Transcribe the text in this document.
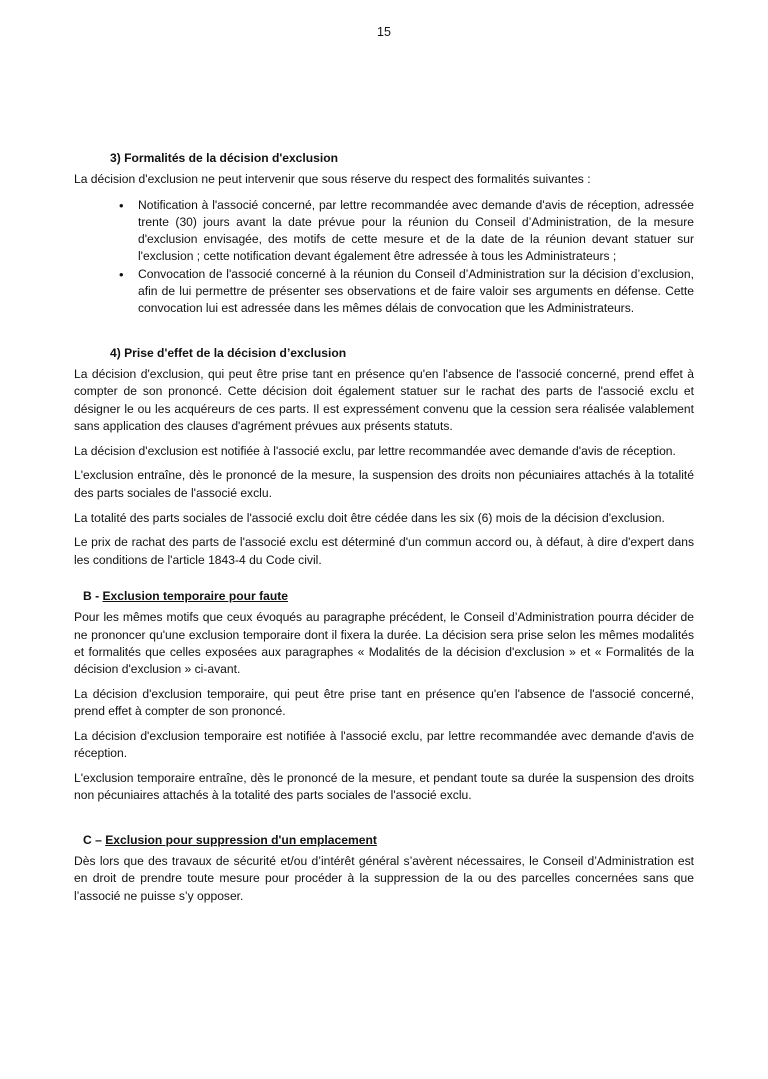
15
3) Formalités de la décision d'exclusion

La décision d'exclusion ne peut intervenir que sous réserve du respect des formalités suivantes :

• Notification à l'associé concerné, par lettre recommandée avec demande d'avis de réception, adressée trente (30) jours avant la date prévue pour la réunion du Conseil d’Administration, de la mesure d'exclusion envisagée, des motifs de cette mesure et de la date de la réunion devant statuer sur l'exclusion ; cette notification devant également être adressée à tous les Administrateurs ;
• Convocation de l'associé concerné à la réunion du Conseil d’Administration sur la décision d’exclusion, afin de lui permettre de présenter ses observations et de faire valoir ses arguments en défense. Cette convocation lui est adressée dans les mêmes délais de convocation que les Administrateurs.
4) Prise d'effet de la décision d’exclusion

La décision d'exclusion, qui peut être prise tant en présence qu'en l'absence de l'associé concerné, prend effet à compter de son prononcé. Cette décision doit également statuer sur le rachat des parts de l'associé exclu et désigner le ou les acquéreurs de ces parts. Il est expressément convenu que la cession sera réalisée valablement sans application des clauses d'agrément prévues aux présents statuts.

La décision d'exclusion est notifiée à l'associé exclu, par lettre recommandée avec demande d'avis de réception.

L'exclusion entraîne, dès le prononcé de la mesure, la suspension des droits non pécuniaires attachés à la totalité des parts sociales de l'associé exclu.

La totalité des parts sociales de l'associé exclu doit être cédée dans les six (6) mois de la décision d'exclusion.

Le prix de rachat des parts de l'associé exclu est déterminé d'un commun accord ou, à défaut, à dire d'expert dans les conditions de l'article 1843-4 du Code civil.

B - Exclusion temporaire pour faute

Pour les mêmes motifs que ceux évoqués au paragraphe précédent, le Conseil d’Administration pourra décider de ne prononcer qu'une exclusion temporaire dont il fixera la durée. La décision sera prise selon les mêmes modalités et formalités que celles exposées aux paragraphes « Modalités de la décision d'exclusion » et « Formalités de la décision d'exclusion » ci-avant.

La décision d'exclusion temporaire, qui peut être prise tant en présence qu'en l'absence de l'associé concerné, prend effet à compter de son prononcé.

La décision d'exclusion temporaire est notifiée à l'associé exclu, par lettre recommandée avec demande d'avis de réception.

L'exclusion temporaire entraîne, dès le prononcé de la mesure, et pendant toute sa durée la suspension des droits non pécuniaires attachés à la totalité des parts sociales de l'associé exclu.

C – Exclusion pour suppression d'un emplacement

Dès lors que des travaux de sécurité et/ou d’intérêt général s’avèrent nécessaires, le Conseil d’Administration est en droit de prendre toute mesure pour procéder à la suppression de la ou des parcelles concernées sans que l’associé ne puisse s’y opposer.
